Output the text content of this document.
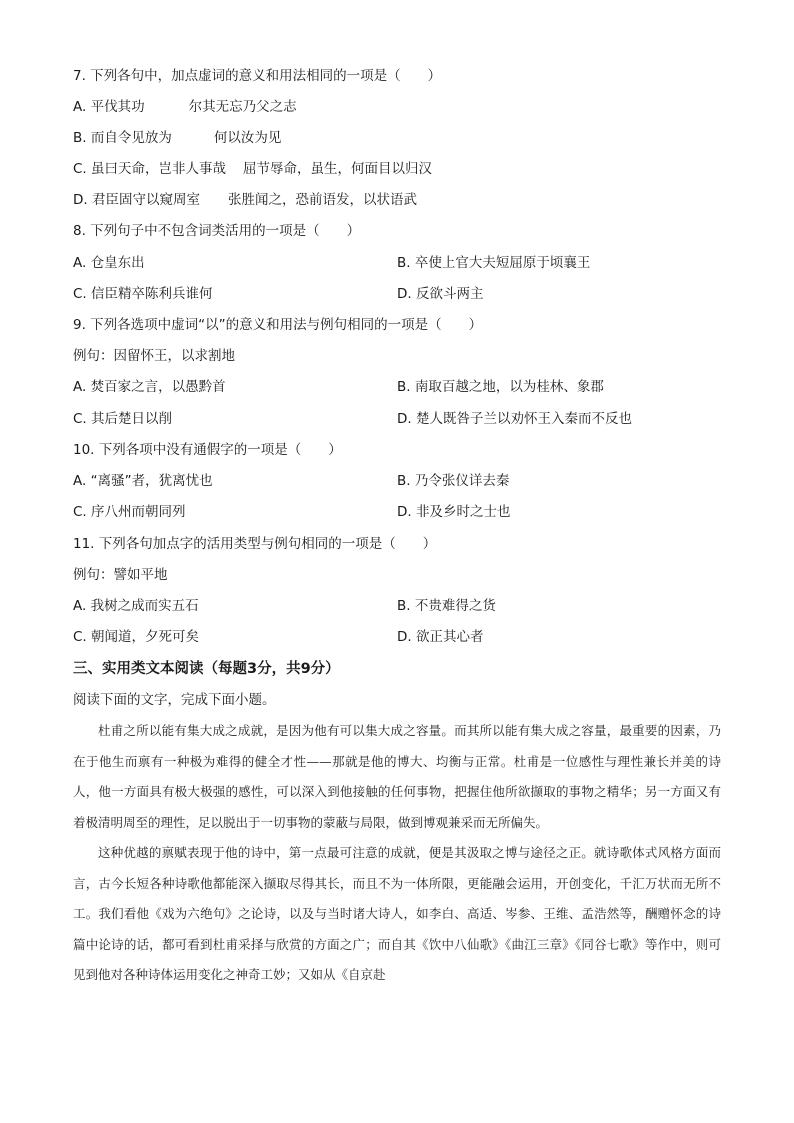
7. 下列各句中，加点虚词的意义和用法相同的一项是（　　）
A. 平伐其功	尔其无忘乃父之志
B. 而自令见放为	何以汝为见
C. 虽曰天命，岂非人事哉 屈节辱命，虽生，何面目以归汉
D. 君臣固守以窥周室 张胜闻之，恐前语发，以状语武
8. 下列句子中不包含词类活用的一项是（　　）
A. 仓皇东出	B. 卒使上官大夫短屈原于顷襄王
C. 信臣精卒陈利兵谁何	D. 反欲斗两主
9. 下列各选项中虚词“以”的意义和用法与例句相同的一项是（　　）
例句：因留怀王，以求割地
A. 焚百家之言，以愚黔首	B. 南取百越之地，以为桂林、象郡
C. 其后楚日以削	D. 楚人既咎子兰以劝怀王入秦而不反也
10. 下列各项中没有通假字的一项是（　　）
A. “离骚”者，犹离忧也	B. 乃令张仪详去秦
C. 序八州而朝同列	D. 非及乡时之士也
11. 下列各句加点字的活用类型与例句相同的一项是（　　）
例句：譬如平地
A. 我树之成而实五石	B. 不贵难得之货
C. 朝闻道，夕死可矣	D. 欲正其心者
三、实用类文本阅读（每题3分，共9分）
阅读下面的文字，完成下面小题。

杜甫之所以能有集大成之成就，是因为他有可以集大成之容量。而其所以能有集大成之容量，最重要的因素，乃在于他生而禀有一种极为难得的健全才性——那就是他的博大、均衡与正常。杜甫是一位感性与理性兼长并美的诗人，他一方面具有极大极强的感性，可以深入到他接触的任何事物，把握住他所欲撷取的事物之精华；另一方面又有着极清明周至的理性，足以脱出于一切事物的蒙蔽与局限，做到博观兼采而无所偏失。

这种优越的禀赋表现于他的诗中，第一点最可注意的成就，便是其汲取之博与途径之正。就诗歌体式风格方面而言，古今长短各种诗歌他都能深入撷取尽得其长，而且不为一体所限，更能融会运用，开创变化，千汇万状而无所不工。我们看他《戏为六绝句》之论诗，以及与当时诸大诗人，如李白、高适、岑参、王维、孟浩然等，酬赠怀念的诗篇中论诗的话，都可看到杜甫采择与欣赏的方面之广；而自其《饮中八仙歌》《曲江三章》《同谷七歌》等作中，则可见到他对各种诗体运用变化之神奇工妙；又如从《自京赴
